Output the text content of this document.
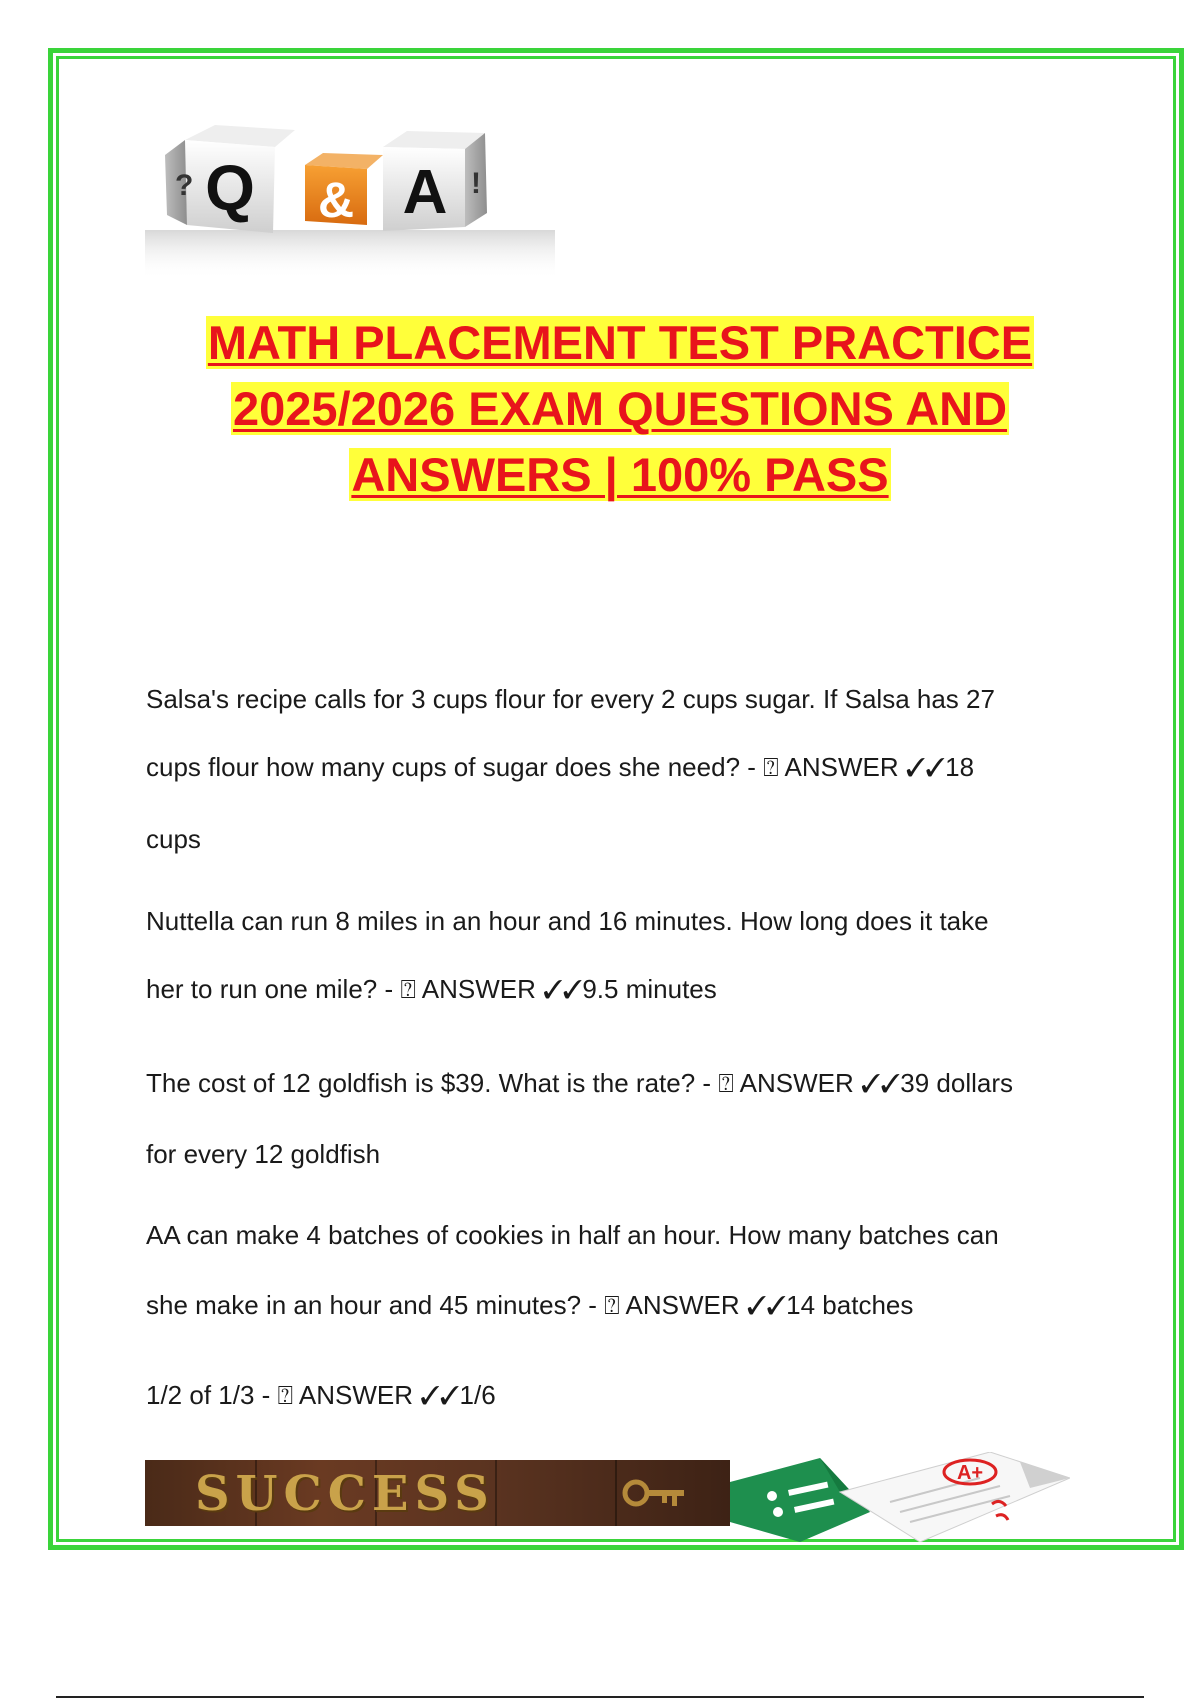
Q & A
?	!
MATH PLACEMENT TEST PRACTICE
2025/2026 EXAM QUESTIONS AND
ANSWERS | 100% PASS
Salsa's recipe calls for 3 cups flour for every 2 cups sugar. If Salsa has 27
cups flour how many cups of sugar does she need? - ⍰ ANSWER ✓✓18
cups
Nuttella can run 8 miles in an hour and 16 minutes. How long does it take
her to run one mile? - ⍰ ANSWER ✓✓9.5 minutes
The cost of 12 goldfish is $39. What is the rate? - ⍰ ANSWER ✓✓39 dollars
for every 12 goldfish
AA can make 4 batches of cookies in half an hour. How many batches can
she make in an hour and 45 minutes? - ⍰ ANSWER ✓✓14 batches
1/2 of 1/3 - ⍰ ANSWER ✓✓1/6
SUCCESS	A+
